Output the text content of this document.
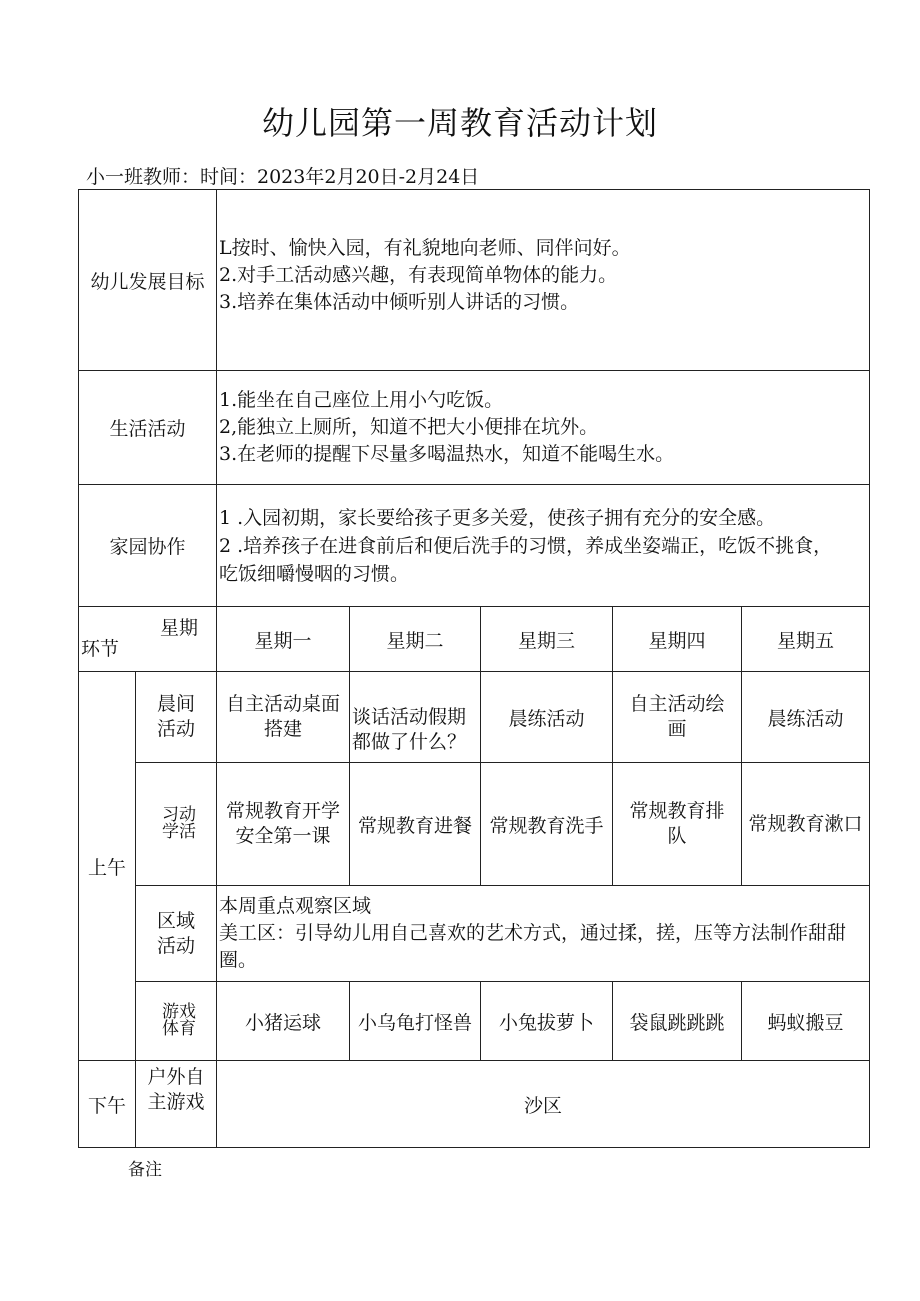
幼儿园第一周教育活动计划
小一班教师：时间：2023年2月20日-2月24日
幼儿发展目标		L按时、愉快入园，有礼貌地向老师、同伴问好。
2.对手工活动感兴趣，有表现简单物体的能力。
3.培养在集体活动中倾听别人讲话的习惯。				

生活活动		1.能坐在自己座位上用小勺吃饭。
2,能独立上厕所，知道不把大小便排在坑外。
3.在老师的提醒下尽量多喝温热水，知道不能喝生水。				

家园协作		1 .入园初期，家长要给孩子更多关爱，使孩子拥有充分的安全感。
2 .培养孩子在进食前后和便后洗手的习惯，养成坐姿端正，吃饭不挑食，吃饭细嚼慢咽的习惯。				

星期
环节		星期一	星期二	星期三	星期四	星期五
上午	晨间活动	自主活动桌面搭建	谈话活动假期都做了什么？	晨练活动	自主活动绘画	晨练活动
	习动学活	常规教育开学安全第一课	常规教育进餐	常规教育洗手	常规教育排队	常规教育漱口
	区域活动	本周重点观察区域
美工区：引导幼儿用自己喜欢的艺术方式，通过揉，搓，压等方法制作甜甜圈。				

	游戏体育	小猪运球	小乌龟打怪兽	小兔拔萝卜	袋鼠跳跳跳	蚂蚁搬豆
下午	户外自主游戏	沙区				
备注
